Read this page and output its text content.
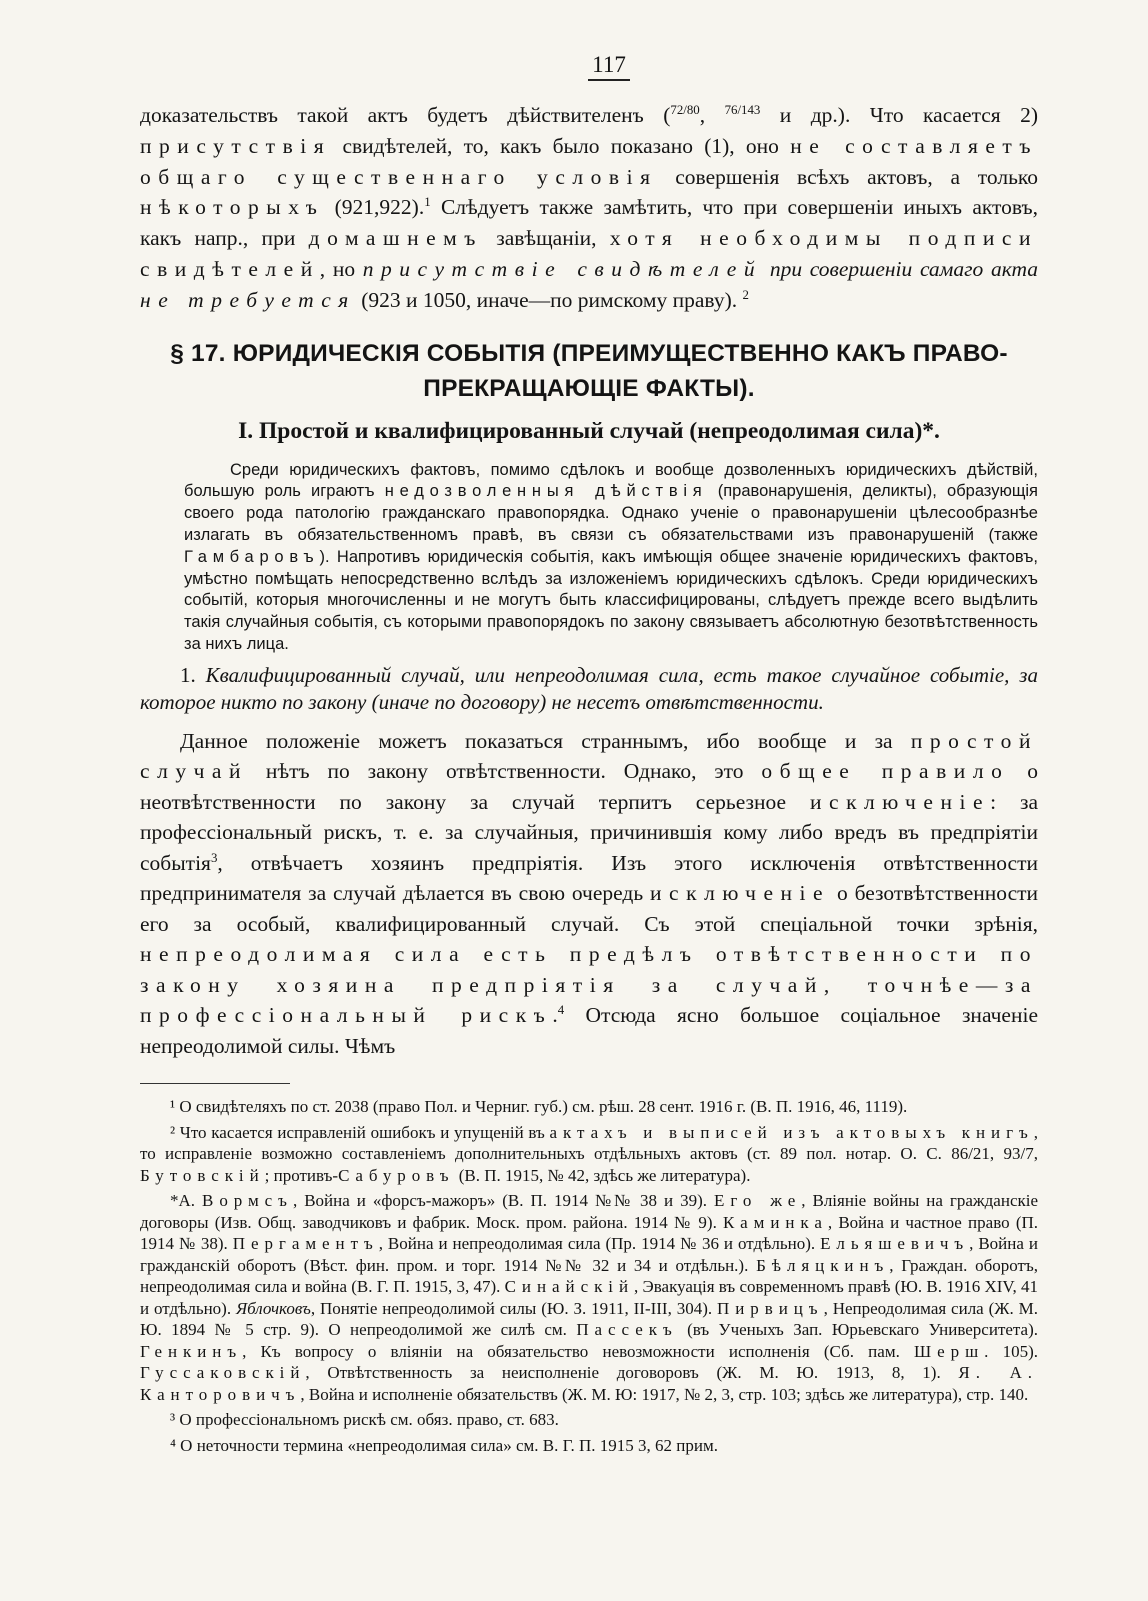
117

доказательствъ такой актъ будетъ дѣйствителенъ ($^{72/80}$, $^{76/143}$ и др.). Что касается 2) присутствія свидѣтелей, то, какъ было показано (1), оно не составляетъ общаго существеннаго условія совершенія всѣхъ актовъ, а только нѣкоторыхъ (921,922).$^1$ Слѣдуетъ также замѣтить, что при совершеніи иныхъ актовъ, какъ напр., при домашнемъ завѣщаніи, хотя необходимы подписи свидѣтелей, но присутствіе свидѣтелей при совершеніи самаго акта не требуется (923 и 1050, иначе—по римскому праву). $^2$

§ 17. ЮРИДИЧЕСКІЯ СОБЫТІЯ (ПРЕИМУЩЕСТВЕННО КАКЪ ПРАВО-
ПРЕКРАЩАЮЩІЕ ФАКТЫ).
I. Простой и квалифицированный случай (непреодолимая сила)*.

Среди юридическихъ фактовъ, помимо сдѣлокъ и вообще дозволенныхъ юридическихъ дѣйствій, большую роль играютъ недозволенныя дѣйствія (правонарушенія, деликты), образующія своего рода патологію гражданскаго правопорядка. Однако ученіе о правонарушеніи цѣлесообразнѣе излагать въ обязательственномъ правѣ, въ связи съ обязательствами изъ правонарушеній (также Гамбаровъ). Напротивъ юридическія событія, какъ имѣющія общее значеніе юридическихъ фактовъ, умѣстно помѣщать непосредственно вслѣдъ за изложеніемъ юридическихъ сдѣлокъ. Среди юридическихъ событій, которыя многочисленны и не могутъ быть классифицированы, слѣдуетъ прежде всего выдѣлить такія случайныя событія, съ которыми правопорядокъ по закону связываетъ абсолютную безотвѣтственность за нихъ лица.

1. Квалифицированный случай, или непреодолимая сила, есть такое случайное событіе, за которое никто по закону (иначе по договору) не несетъ отвѣтственности.

Данное положеніе можетъ показаться страннымъ, ибо вообще и за простой случай нѣтъ по закону отвѣтственности. Однако, это общее правило о неотвѣтственности по закону за случай терпитъ серьезное исключеніе: за профессіональный рискъ, т. е. за случайныя, причинившія кому либо вредъ въ предпріятіи событія$^3$, отвѣчаетъ хозяинъ предпріятія. Изъ этого исключенія отвѣтственности предпринимателя за случай дѣлается въ свою очередь исключеніе о безотвѣтственности его за особый, квалифицированный случай. Съ этой спеціальной точки зрѣнія, непреодолимая сила есть предѣлъ отвѣтственности по закону хозяина предпріятія за случай, точнѣе—за профессіональный рискъ.$^4$ Отсюда ясно большое соціальное значеніе непреодолимой силы. Чѣмъ

¹ О свидѣтеляхъ по ст. 2038 (право Пол. и Черниг. губ.) см. рѣш. 28 сент. 1916 г. (В. П. 1916, 46, 1119).

² Что касается исправленій ошибокъ и упущеній въ актахъ и выписей изъ актовыхъ книгъ, то исправленіе возможно составленіемъ дополнительныхъ отдѣльныхъ актовъ (ст. 89 пол. нотар. О. С. 86/21, 93/7, Бутовскій; противъ-Сабуровъ (В. П. 1915, № 42, здѣсь же литература).

*А. Вормсъ, Война и «форсъ-мажоръ» (В. П. 1914 №№ 38 и 39). Его же, Вліяніе войны на гражданскіе договоры (Изв. Общ. заводчиковъ и фабрик. Моск. пром. района. 1914 № 9). Каминка, Война и частное право (П. 1914 № 38). Пергаментъ, Война и непреодолимая сила (Пр. 1914 № 36 и отдѣльно). Ельяшевичъ, Война и гражданскій оборотъ (Вѣст. фин. пром. и торг. 1914 №№ 32 и 34 и отдѣльн.). Бѣляцкинъ, Граждан. оборотъ, непреодолимая сила и война (В. Г. П. 1915, 3, 47). Синайскій, Эвакуація въ современномъ правѣ (Ю. В. 1916 XIV, 41 и отдѣльно). Яблочковъ, Понятіе непреодолимой силы (Ю. З. 1911, II-III, 304). Пирвицъ, Непреодолимая сила (Ж. М. Ю. 1894 № 5 стр. 9). О непреодолимой же силѣ см. Пассекъ (въ Ученыхъ Зап. Юрьевскаго Университета). Генкинъ, Къ вопросу о вліяніи на обязательство невозможности исполненія (Сб. пам. Шерш. 105). Гуссаковскій, Отвѣтственность за неисполненіе договоровъ (Ж. М. Ю. 1913, 8, 1). Я. А. Канторовичъ, Война и исполненіе обязательствъ (Ж. М. Ю: 1917, № 2, 3, стр. 103; здѣсь же литература), стр. 140.

³ О профессіональномъ рискѣ см. обяз. право, ст. 683.

⁴ О неточности термина «непреодолимая сила» см. В. Г. П. 1915 3, 62 прим.
